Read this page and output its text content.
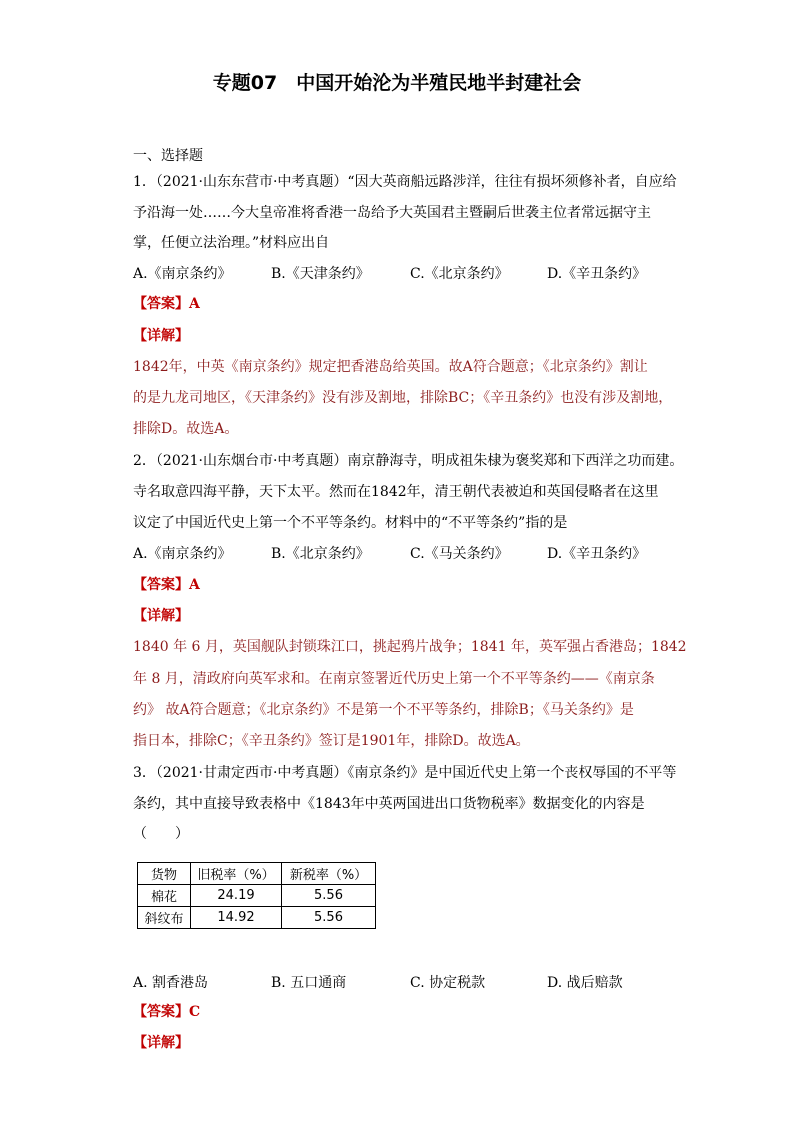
专题07　中国开始沦为半殖民地半封建社会
一、选择题
1．（2021·山东东营市·中考真题）“因大英商船远路涉洋，往往有损坏须修补者，自应给
予沿海一处……今大皇帝准将香港一岛给予大英国君主暨嗣后世袭主位者常远据守主
掌，任便立法治理。”材料应出自
A.《南京条约》	B.《天津条约》	C.《北京条约》	D.《辛丑条约》
【答案】A
【详解】
1842年，中英《南京条约》规定把香港岛给英国。故A符合题意；《北京条约》割让
的是九龙司地区，《天津条约》没有涉及割地，排除BC；《辛丑条约》也没有涉及割地，
排除D。故选A。
2．（2021·山东烟台市·中考真题）南京静海寺，明成祖朱棣为褒奖郑和下西洋之功而建。
寺名取意四海平静，天下太平。然而在1842年，清王朝代表被迫和英国侵略者在这里
议定了中国近代史上第一个不平等条约。材料中的“不平等条约”指的是
A.《南京条约》	B.《北京条约》	C.《马关条约》	D.《辛丑条约》
【答案】A
【详解】
1840 年 6 月，英国舰队封锁珠江口，挑起鸦片战争；1841 年，英军强占香港岛；1842
年 8 月，清政府向英军求和。在南京签署近代历史上第一个不平等条约——《南京条
约》 故A符合题意；《北京条约》不是第一个不平等条约，排除B；《马关条约》是
指日本，排除C；《辛丑条约》签订是1901年，排除D。故选A。
3．（2021·甘肃定西市·中考真题）《南京条约》是中国近代史上第一个丧权辱国的不平等
条约，其中直接导致表格中《1843年中英两国进出口货物税率》数据变化的内容是
（　　）
货物	旧税率（%）	新税率（%）
棉花	24.19	5.56
斜纹布	14.92	5.56
A. 割香港岛	B. 五口通商	C. 协定税款	D. 战后赔款
【答案】C
【详解】
